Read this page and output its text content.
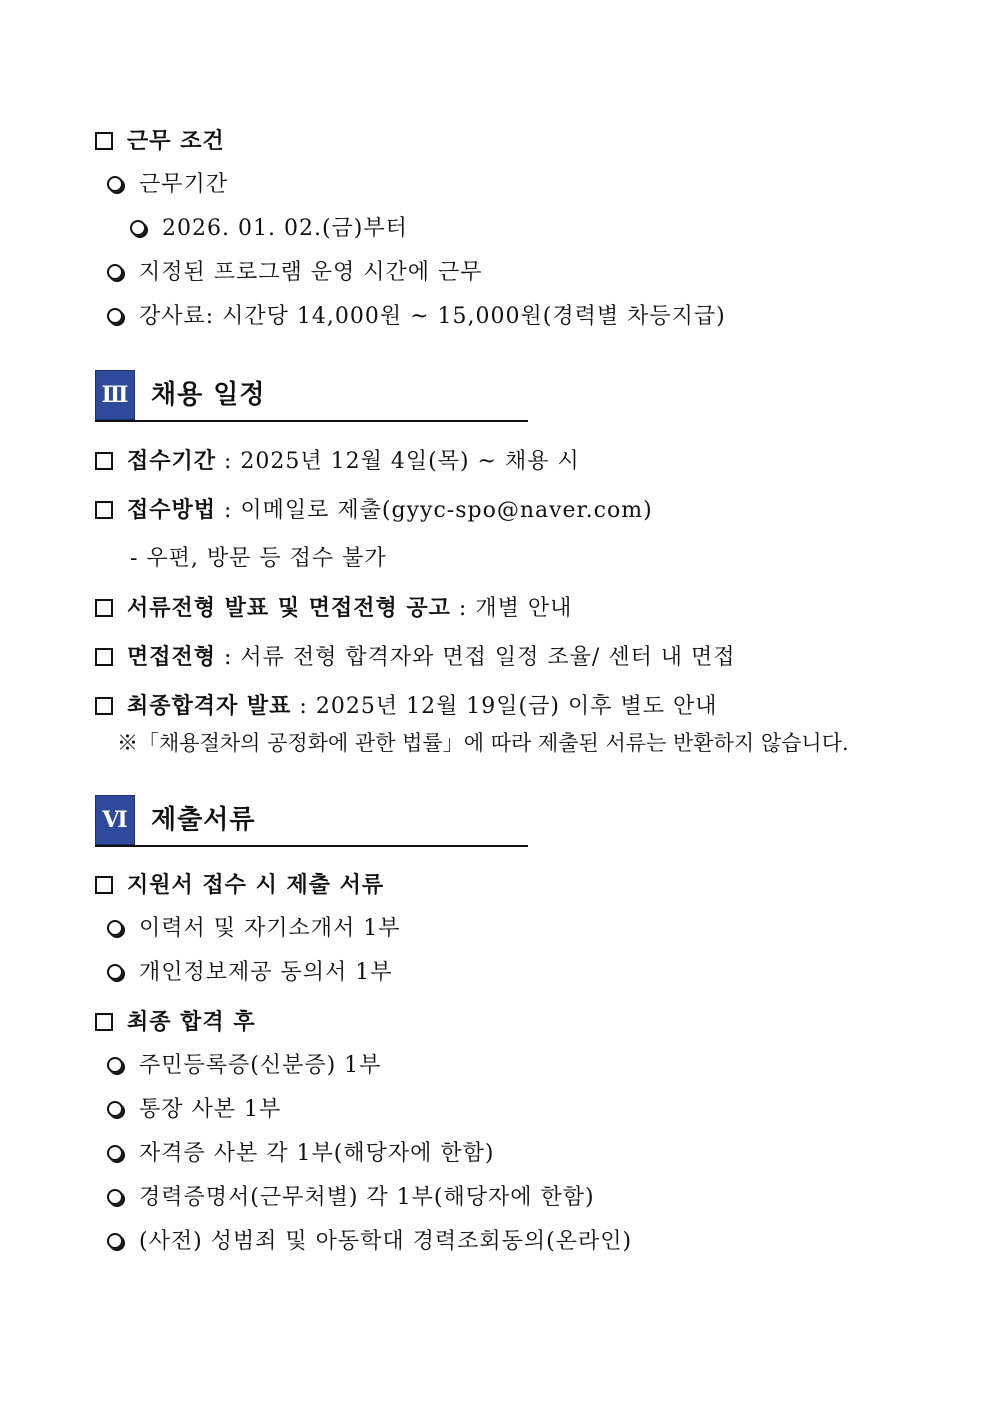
근무 조건
근무기간
2026. 01. 02.(금)부터
지정된 프로그램 운영 시간에 근무
강사료: 시간당 14,000원 ~ 15,000원(경력별 차등지급)
Ⅲ 채용 일정
접수기간 : 2025년 12월 4일(목) ~ 채용 시
접수방법 : 이메일로 제출(gyyc-spo@naver.com)
- 우편, 방문 등 접수 불가
서류전형 발표 및 면접전형 공고 : 개별 안내
면접전형 : 서류 전형 합격자와 면접 일정 조율/ 센터 내 면접
최종합격자 발표 : 2025년 12월 19일(금) 이후 별도 안내
※「채용절차의 공정화에 관한 법률」에 따라 제출된 서류는 반환하지 않습니다.
Ⅵ 제출서류
지원서 접수 시 제출 서류
이력서 및 자기소개서 1부
개인정보제공 동의서 1부
최종 합격 후
주민등록증(신분증) 1부
통장 사본 1부
자격증 사본 각 1부(해당자에 한함)
경력증명서(근무처별) 각 1부(해당자에 한함)
(사전) 성범죄 및 아동학대 경력조회동의(온라인)
